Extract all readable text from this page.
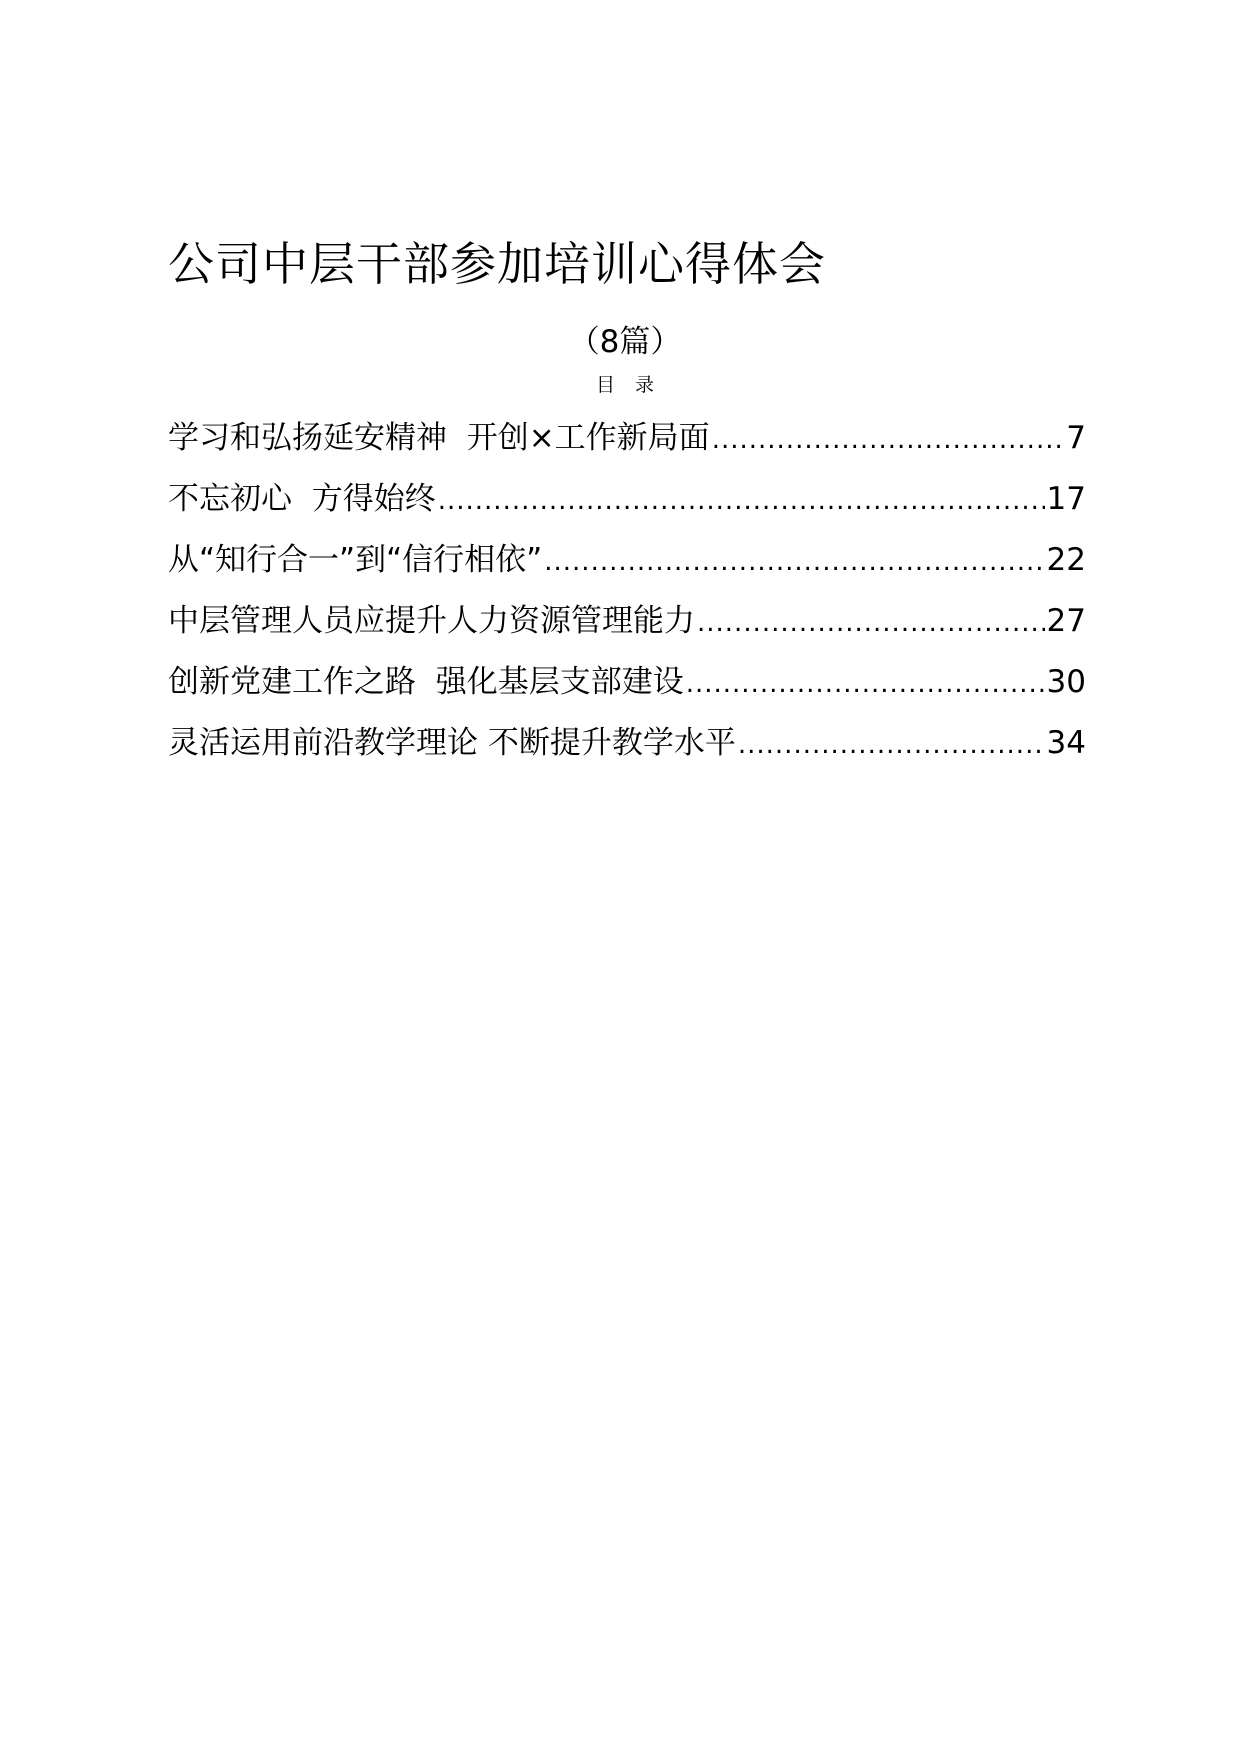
公司中层干部参加培训心得体会
（8篇）
目录
学习和弘扬延安精神  开创×工作新局面 .....	7
不忘初心  方得始终 .....	17
从“知行合一”到“信行相依” .....	22
中层管理人员应提升人力资源管理能力 .....	27
创新党建工作之路  强化基层支部建设 .....	30
灵活运用前沿教学理论 不断提升教学水平 .....	34
